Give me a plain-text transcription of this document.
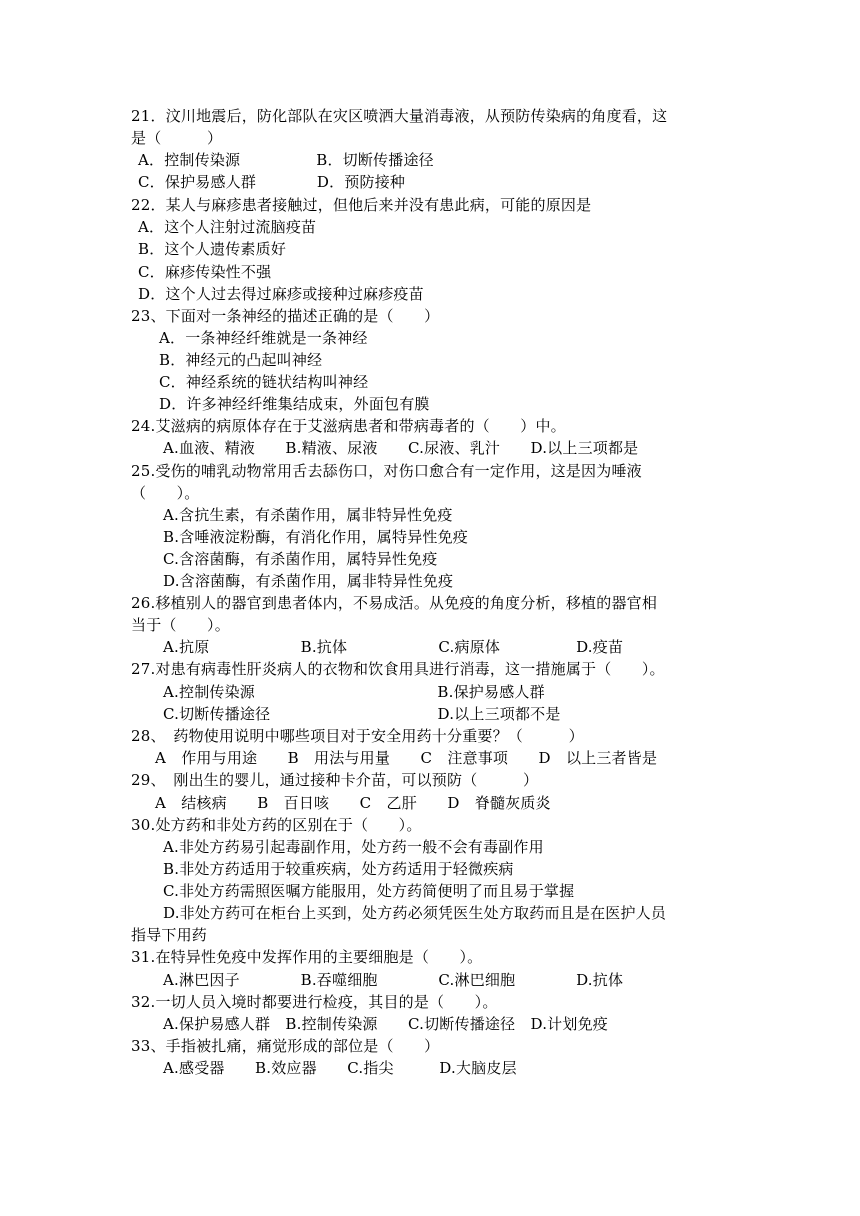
21．汶川地震后，防化部队在灾区喷洒大量消毒液，从预防传染病的角度看，这
是（　　　）
A．控制传染源　　　　　B．切断传播途径
C．保护易感人群　　　　D．预防接种
22．某人与麻疹患者接触过，但他后来并没有患此病，可能的原因是
A．这个人注射过流脑疫苗
B．这个人遗传素质好
C．麻疹传染性不强
D．这个人过去得过麻疹或接种过麻疹疫苗
23、下面对一条神经的描述正确的是（　　）
A．一条神经纤维就是一条神经
B．神经元的凸起叫神经
C．神经系统的链状结构叫神经
D．许多神经纤维集结成束，外面包有膜
24.艾滋病的病原体存在于艾滋病患者和带病毒者的（　　）中。
A.血液、精液　　B.精液、尿液　　C.尿液、乳汁　　D.以上三项都是
25.受伤的哺乳动物常用舌去舔伤口，对伤口愈合有一定作用，这是因为唾液
（　　）。
A.含抗生素，有杀菌作用，属非特异性免疫
B.含唾液淀粉酶，有消化作用，属特异性免疫
C.含溶菌酶，有杀菌作用，属特异性免疫
D.含溶菌酶，有杀菌作用，属非特异性免疫
26.移植别人的器官到患者体内，不易成活。从免疫的角度分析，移植的器官相
当于（　　）。
A.抗原　　　　　　B.抗体　　　　　　C.病原体　　　　　D.疫苗
27.对患有病毒性肝炎病人的衣物和饮食用具进行消毒，这一措施属于（　　）。
A.控制传染源　　　　　　　　　　　　B.保护易感人群
C.切断传播途径　　　　　　　　　　　D.以上三项都不是
28、　药物使用说明中哪些项目对于安全用药十分重要？（　　　）
A　作用与用途　　B　用法与用量　　C　注意事项　　D　以上三者皆是
29、　刚出生的婴儿，通过接种卡介苗，可以预防（　　　）
A　结核病　　B　百日咳　　C　乙肝　　D　脊髓灰质炎
30.处方药和非处方药的区别在于（　　）。
A.非处方药易引起毒副作用，处方药一般不会有毒副作用
B.非处方药适用于较重疾病，处方药适用于轻微疾病
C.非处方药需照医嘱方能服用，处方药简便明了而且易于掌握
D.非处方药可在柜台上买到，处方药必须凭医生处方取药而且是在医护人员
指导下用药
31.在特异性免疫中发挥作用的主要细胞是（　　）。
A.淋巴因子　　　　B.吞噬细胞　　　　C.淋巴细胞　　　　D.抗体
32.一切人员入境时都要进行检疫，其目的是（　　）。
A.保护易感人群　B.控制传染源　　C.切断传播途径　D.计划免疫
33、手指被扎痛，痛觉形成的部位是（　　）
A.感受器　　B.效应器　　C.指尖　　　D.大脑皮层
